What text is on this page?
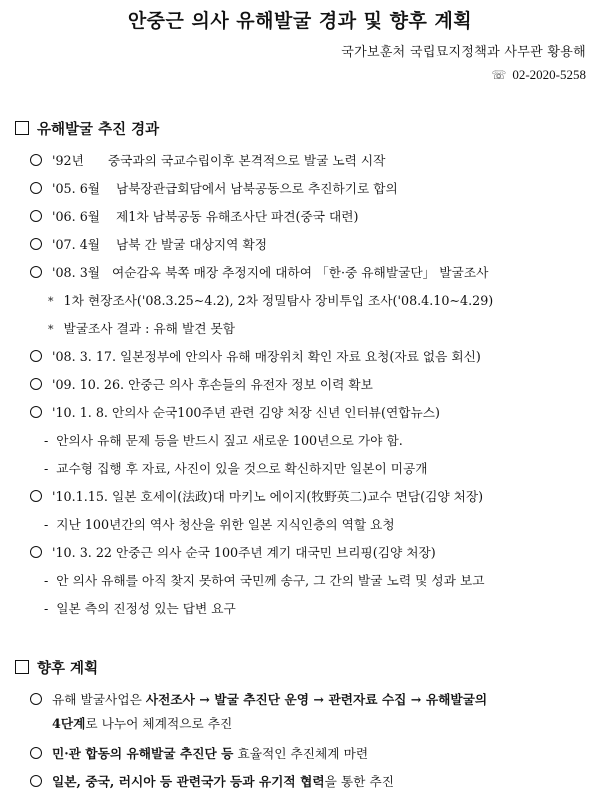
안중근 의사 유해발굴 경과 및 향후 계획
국가보훈처 국립묘지정책과 사무관 황용해
☏ 02-2020-5258
유해발굴 추진 경과
'92년 중국과의 국교수립이후 본격적으로 발굴 노력 시작
'05. 6월 남북장관급회담에서 남북공동으로 추진하기로 합의
'06. 6월 제1차 남북공동 유해조사단 파견(중국 대련)
'07. 4월 남북 간 발굴 대상지역 확정
'08. 3월 여순감옥 북쪽 매장 추정지에 대하여 「한·중 유해발굴단」 발굴조사
* 1차 현장조사('08.3.25∼4.2), 2차 정밀탐사 장비투입 조사('08.4.10∼4.29)
* 발굴조사 결과 : 유해 발견 못함
'08. 3. 17. 일본정부에 안의사 유해 매장위치 확인 자료 요청(자료 없음 회신)
'09. 10. 26. 안중근 의사 후손들의 유전자 정보 이력 확보
'10. 1. 8. 안의사 순국100주년 관련 김양 처장 신년 인터뷰(연합뉴스)
- 안의사 유해 문제 등을 반드시 짚고 새로운 100년으로 가야 함.
- 교수형 집행 후 자료, 사진이 있을 것으로 확신하지만 일본이 미공개
'10.1.15. 일본 호세이(法政)대 마키노 에이지(牧野英二)교수 면담(김양 처장)
- 지난 100년간의 역사 청산을 위한 일본 지식인층의 역할 요청
'10. 3. 22 안중근 의사 순국 100주년 계기 대국민 브리핑(김양 처장)
- 안 의사 유해를 아직 찾지 못하여 국민께 송구, 그 간의 발굴 노력 및 성과 보고
- 일본 측의 진정성 있는 답변 요구
향후 계획
유해 발굴사업은 사전조사 → 발굴 추진단 운영 → 관련자료 수집 → 유해발굴의
4단계로 나누어 체계적으로 추진
민·관 합동의 유해발굴 추진단 등 효율적인 추진체계 마련
일본, 중국, 러시아 등 관련국가 등과 유기적 협력을 통한 추진
